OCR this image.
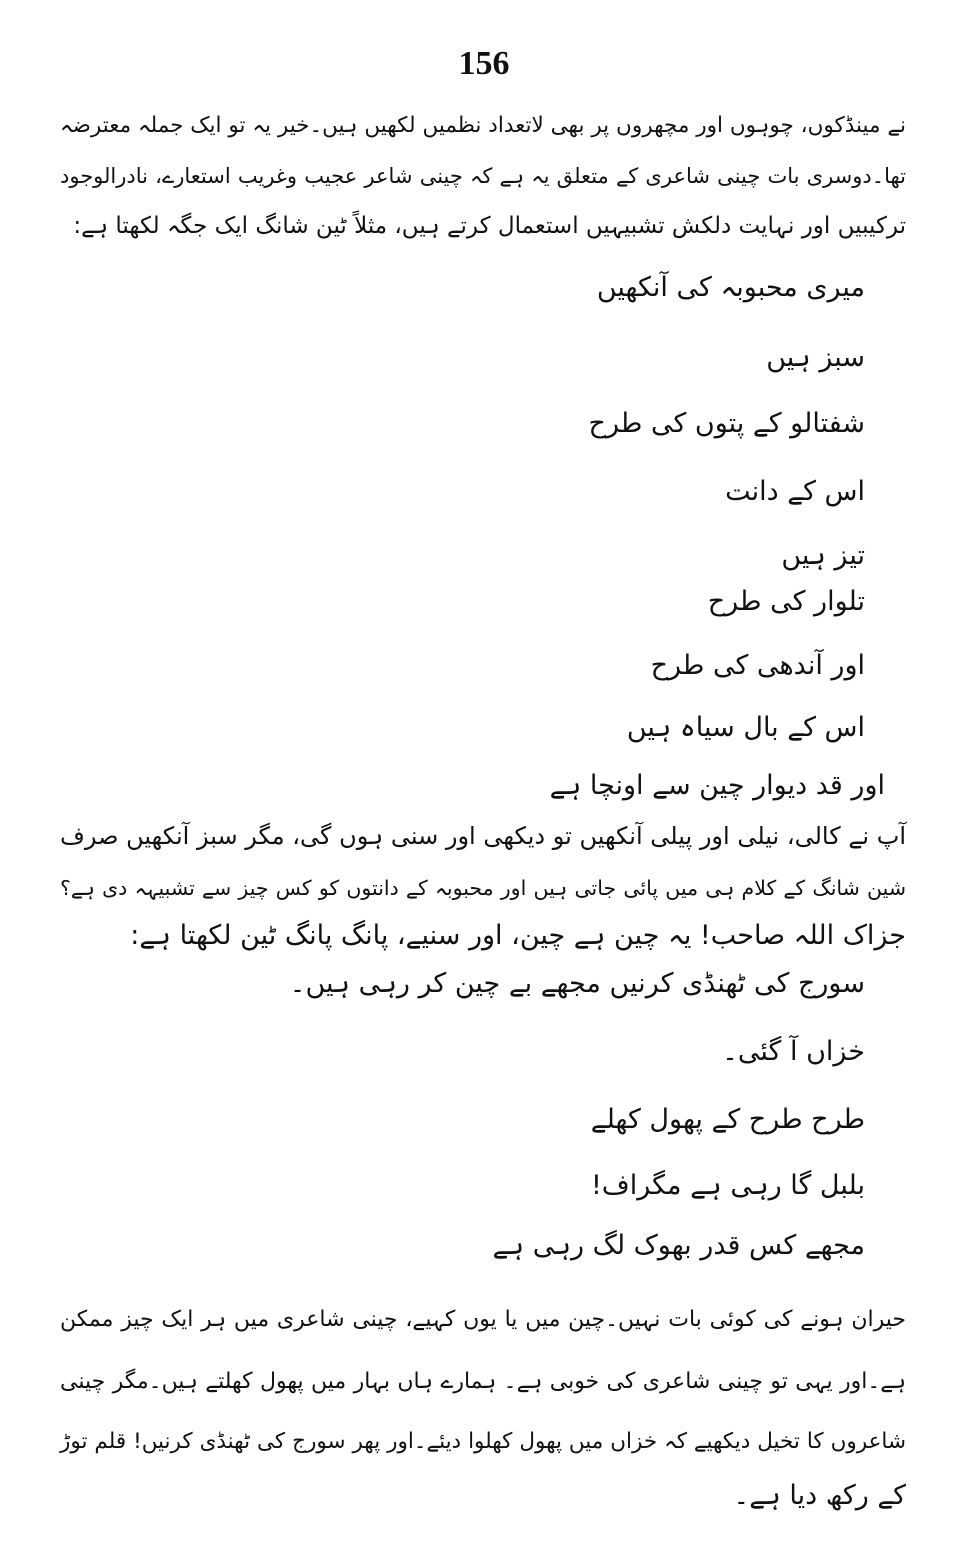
156
نے مینڈکوں، چوہوں اور مچھروں پر بھی لاتعداد نظمیں لکھیں ہیں۔خیر یہ تو ایک جملہ معترضہ
تھا۔دوسری بات چینی شاعری کے متعلق یہ ہے کہ چینی شاعر عجیب وغریب استعارے، نادرالوجود
ترکیبیں اور نہایت دلکش تشبیہیں استعمال کرتے ہیں، مثلاً ٹین شانگ ایک جگہ لکھتا ہے:
میری محبوبہ کی آنکھیں
سبز ہیں
شفتالو کے پتوں کی طرح
اس کے دانت
تیز ہیں
تلوار کی طرح
اور آندھی کی طرح
اس کے بال سیاہ ہیں
اور قد دیوار چین سے اونچا ہے
آپ نے کالی، نیلی اور پیلی آنکھیں تو دیکھی اور سنی ہوں گی، مگر سبز آنکھیں صرف
شین شانگ کے کلام ہی میں پائی جاتی ہیں اور محبوبہ کے دانتوں کو کس چیز سے تشبیہہ دی ہے؟
جزاک اللہ صاحب! یہ چین ہے چین، اور سنیے، پانگ پانگ ٹین لکھتا ہے:
سورج کی ٹھنڈی کرنیں مجھے بے چین کر رہی ہیں۔
خزاں آ گئی۔
طرح طرح کے پھول کھلے
بلبل گا رہی ہے مگراف!
مجھے کس قدر بھوک لگ رہی ہے
حیران ہونے کی کوئی بات نہیں۔چین میں یا یوں کہیے، چینی شاعری میں ہر ایک چیز ممکن
ہے۔اور یہی تو چینی شاعری کی خوبی ہے۔ ہمارے ہاں بہار میں پھول کھلتے ہیں۔مگر چینی
شاعروں کا تخیل دیکھیے کہ خزاں میں پھول کھلوا دیئے۔اور پھر سورج کی ٹھنڈی کرنیں! قلم توڑ
کے رکھ دیا ہے۔
